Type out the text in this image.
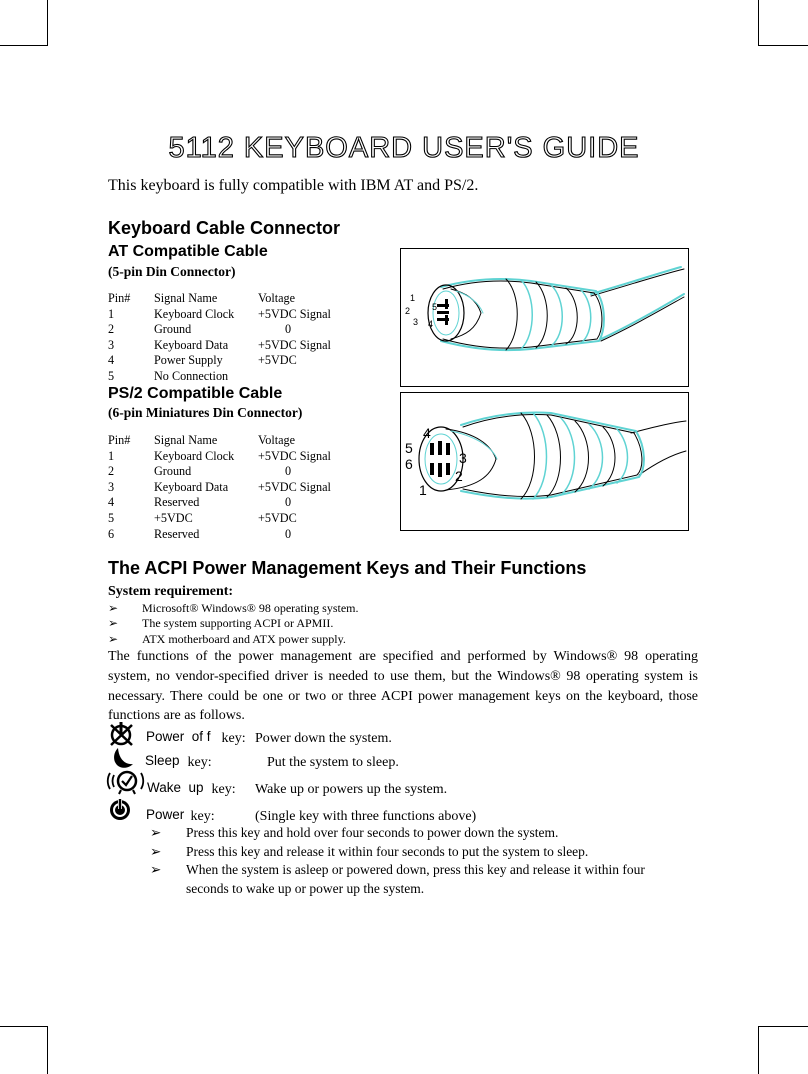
5112 KEYBOARD USER'S GUIDE
This keyboard is fully compatible with IBM AT and PS/2.
Keyboard Cable Connector
AT Compatible Cable
(5-pin Din Connector)
Pin#	Signal Name	Voltage
1	Keyboard Clock	+5VDC Signal
2	Ground	0
3	Keyboard Data	+5VDC Signal
4	Power Supply	+5VDC
5	No Connection	
1
2
3 4
5
PS/2 Compatible Cable
(6-pin Miniatures Din Connector)
Pin#	Signal Name	Voltage
1	Keyboard Clock	+5VDC Signal
2	Ground	0
3	Keyboard Data	+5VDC Signal
4	Reserved	0
5	+5VDC	+5VDC
6	Reserved	0
1
2
3
4
5
6
The ACPI Power Management Keys and Their Functions
System requirement:
➢ Microsoft® Windows® 98 operating system.
➢ The system supporting ACPI or APMII.
➢ ATX motherboard and ATX power supply.
The functions of the power management are specified and performed by Windows® 98 operating system, no vendor-specified driver is needed to use them, but the Windows® 98 operating system is necessary. There could be one or two or three ACPI power management keys on the keyboard, those functions are as follows.
Power  of f key: Power down the system.
Sleep key:	Put the system to sleep.
Wake  up key: Wake up or powers up the system.
Power key:	(Single key with three functions above)
➢ Press this key and hold over four seconds to power down the system.
➢ Press this key and release it within four seconds to put the system to sleep.
➢ When the system is asleep or powered down, press this key and release it within four seconds to wake up or power up the system.
